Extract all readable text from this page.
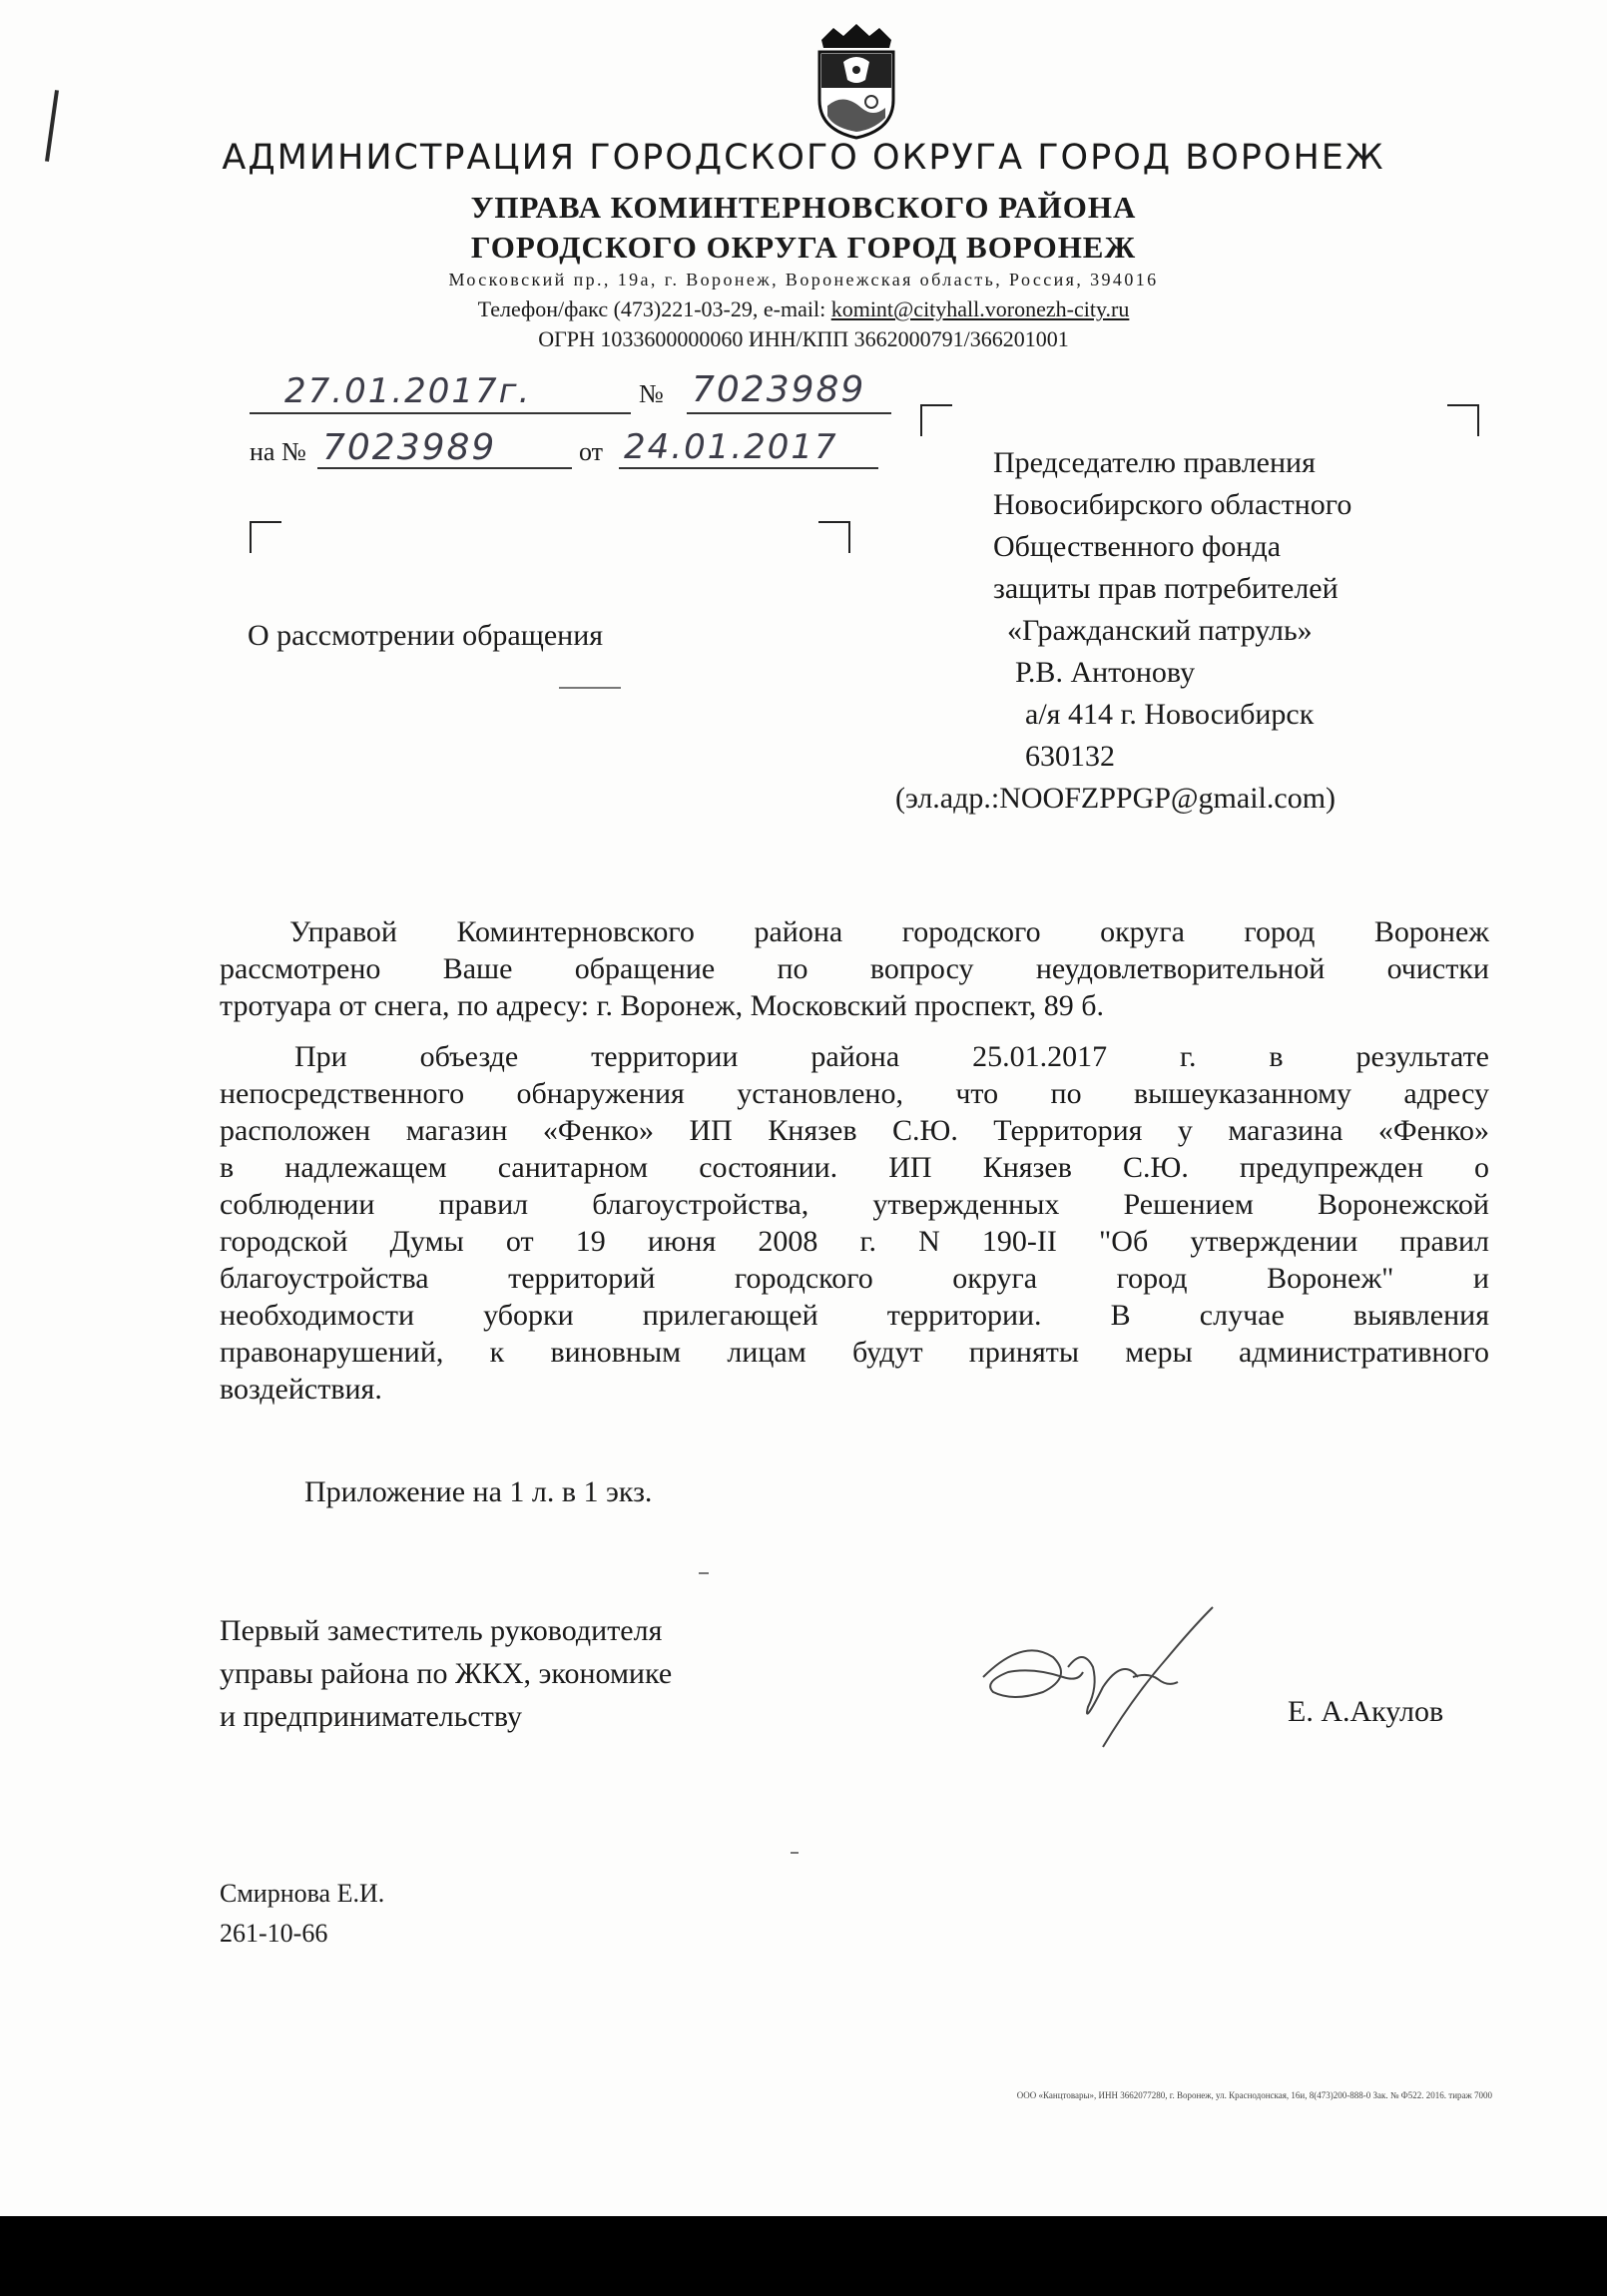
АДМИНИСТРАЦИЯ ГОРОДСКОГО ОКРУГА ГОРОД ВОРОНЕЖ
УПРАВА КОМИНТЕРНОВСКОГО РАЙОНА
ГОРОДСКОГО ОКРУГА ГОРОД ВОРОНЕЖ
Московский пр., 19а, г. Воронеж, Воронежская область, Россия, 394016
Телефон/факс (473)221-03-29, e-mail: komint@cityhall.voronezh-city.ru
ОГРН 1033600000060 ИНН/КПП 3662000791/366201001
27.01.2017г.	№ 7023989
на № 7023989	от 24.01.2017	Председателю правления
Новосибирского областного
Общественного фонда
защиты прав потребителей
«Гражданский патруль»
Р.В. Антонову
а/я 414 г. Новосибирск
630132
(эл.адр.:NOOFZPPGP@gmail.com)
О рассмотрении обращения
Управой Коминтерновского района городского округа город Воронеж
рассмотрено Ваше обращение по вопросу неудовлетворительной очистки
тротуара от снега, по адресу: г. Воронеж, Московский проспект, 89 б.
При объезде территории района 25.01.2017 г. в результате
непосредственного обнаружения установлено, что по вышеуказанному адресу
расположен магазин «Фенко» ИП Князев С.Ю. Территория у магазина «Фенко»
в надлежащем санитарном состоянии. ИП Князев С.Ю. предупрежден о
соблюдении правил благоустройства, утвержденных Решением Воронежской
городской Думы от 19 июня 2008 г. N 190-II "Об утверждении правил
благоустройства территорий городского округа город Воронеж" и
необходимости уборки прилегающей территории. В случае выявления
правонарушений, к виновным лицам будут приняты меры административного
воздействия.
Приложение на 1 л. в 1 экз.
Первый заместитель руководителя
управы района по ЖКХ, экономике
и предпринимательству	Е. А.Акулов
Смирнова Е.И.
261-10-66
ООО «Канцтовары», ИНН 3662077280, г. Воронеж, ул. Краснодонская, 16и, 8(473)200-888-0 Зак. № Ф522. 2016. тираж 7000
